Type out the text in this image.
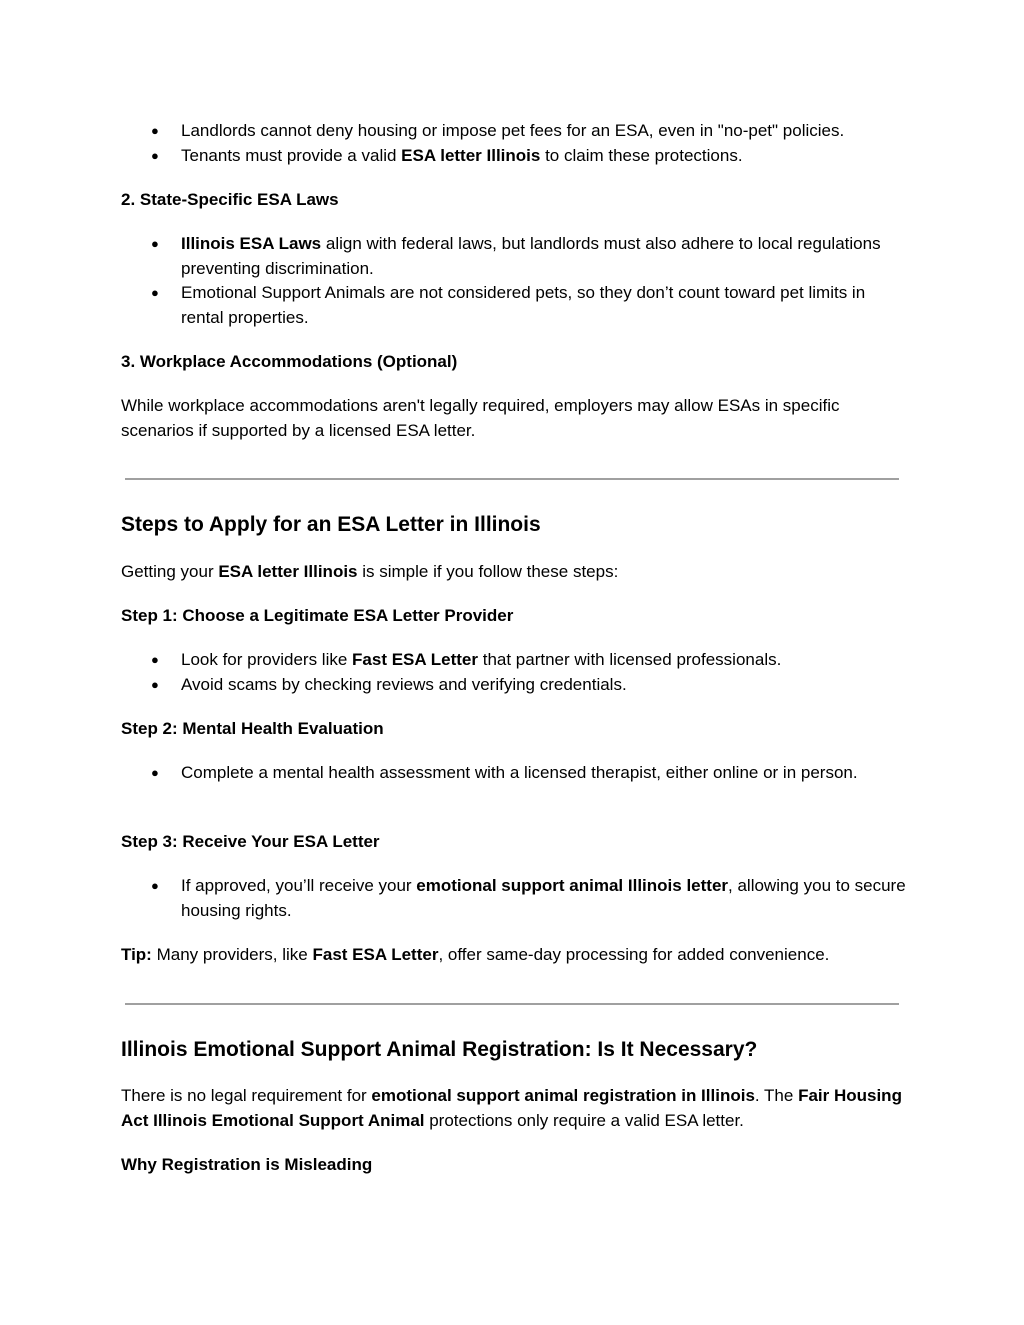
● Landlords cannot deny housing or impose pet fees for an ESA, even in "no-pet" policies.
● Tenants must provide a valid ESA letter Illinois to claim these protections.
2. State-Specific ESA Laws
● Illinois ESA Laws align with federal laws, but landlords must also adhere to local regulations preventing discrimination.
● Emotional Support Animals are not considered pets, so they don’t count toward pet limits in rental properties.
3. Workplace Accommodations (Optional)

While workplace accommodations aren't legally required, employers may allow ESAs in specific scenarios if supported by a licensed ESA letter.

Steps to Apply for an ESA Letter in Illinois

Getting your ESA letter Illinois is simple if you follow these steps:

Step 1: Choose a Legitimate ESA Letter Provider
● Look for providers like Fast ESA Letter that partner with licensed professionals.
● Avoid scams by checking reviews and verifying credentials.
Step 2: Mental Health Evaluation
● Complete a mental health assessment with a licensed therapist, either online or in person.
Step 3: Receive Your ESA Letter
● If approved, you’ll receive your emotional support animal Illinois letter, allowing you to secure housing rights.

Tip: Many providers, like Fast ESA Letter, offer same-day processing for added convenience.

Illinois Emotional Support Animal Registration: Is It Necessary?

There is no legal requirement for emotional support animal registration in Illinois. The Fair Housing Act Illinois Emotional Support Animal protections only require a valid ESA letter.

Why Registration is Misleading
